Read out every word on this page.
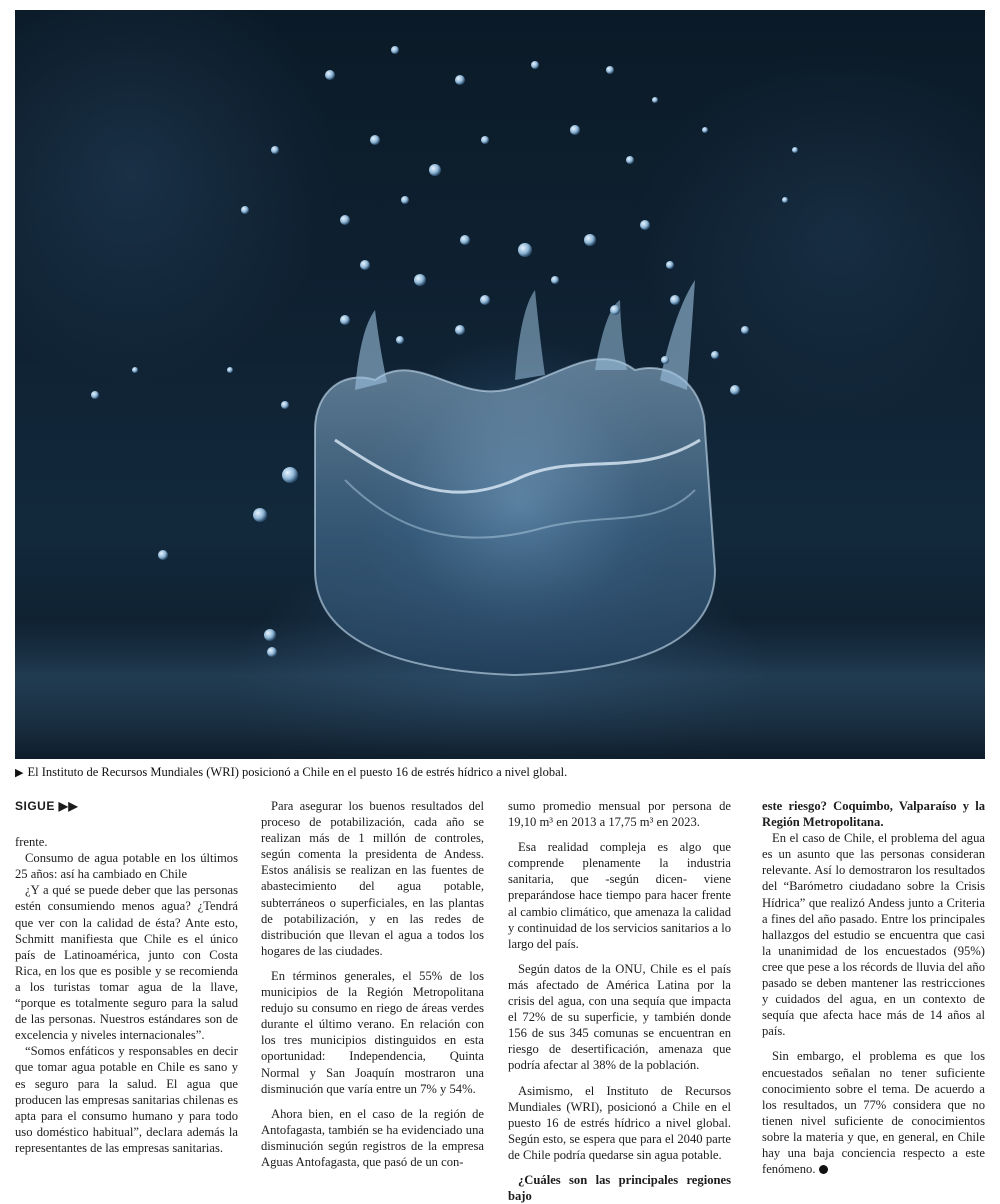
▶ El Instituto de Recursos Mundiales (WRI) posicionó a Chile en el puesto 16 de estrés hídrico a nivel global.
SIGUE ▶▶

frente.

Consumo de agua potable en los últimos 25 años: así ha cambiado en Chile

¿Y a qué se puede deber que las personas estén consumiendo menos agua? ¿Tendrá que ver con la calidad de ésta? Ante esto, Schmitt manifiesta que Chile es el único país de Latinoamérica, junto con Costa Rica, en los que es posible y se recomienda a los turistas tomar agua de la llave, “porque es totalmente seguro para la salud de las personas. Nuestros estándares son de excelencia y niveles internacionales”.

“Somos enfáticos y responsables en decir que tomar agua potable en Chile es sano y es seguro para la salud. El agua que producen las empresas sanitarias chilenas es apta para el consumo humano y para todo uso doméstico habitual”, declara además la representantes de las empresas sanitarias.

Para asegurar los buenos resultados del proceso de potabilización, cada año se realizan más de 1 millón de controles, según comenta la presidenta de Andess. Estos análisis se realizan en las fuentes de abastecimiento del agua potable, subterráneos o superficiales, en las plantas de potabilización, y en las redes de distribución que llevan el agua a todos los hogares de las ciudades.

En términos generales, el 55% de los municipios de la Región Metropolitana redujo su consumo en riego de áreas verdes durante el último verano. En relación con los tres municipios distinguidos en esta oportunidad: Independencia, Quinta Normal y San Joaquín mostraron una disminución que varía entre un 7% y 54%.

Ahora bien, en el caso de la región de Antofagasta, también se ha evidenciado una disminución según registros de la empresa Aguas Antofagasta, que pasó de un con-

sumo promedio mensual por persona de 19,10 m³ en 2013 a 17,75 m³ en 2023.

Esa realidad compleja es algo que comprende plenamente la industria sanitaria, que -según dicen- viene preparándose hace tiempo para hacer frente al cambio climático, que amenaza la calidad y continuidad de los servicios sanitarios a lo largo del país.

Según datos de la ONU, Chile es el país más afectado de América Latina por la crisis del agua, con una sequía que impacta el 72% de su superficie, y también donde 156 de sus 345 comunas se encuentran en riesgo de desertificación, amenaza que podría afectar al 38% de la población.

Asimismo, el Instituto de Recursos Mundiales (WRI), posicionó a Chile en el puesto 16 de estrés hídrico a nivel global. Según esto, se espera que para el 2040 parte de Chile podría quedarse sin agua potable.

¿Cuáles son las principales regiones bajo

este riesgo? Coquimbo, Valparaíso y la Región Metropolitana.

En el caso de Chile, el problema del agua es un asunto que las personas consideran relevante. Así lo demostraron los resultados del “Barómetro ciudadano sobre la Crisis Hídrica” que realizó Andess junto a Criteria a fines del año pasado. Entre los principales hallazgos del estudio se encuentra que casi la unanimidad de los encuestados (95%) cree que pese a los récords de lluvia del año pasado se deben mantener las restricciones y cuidados del agua, en un contexto de sequía que afecta hace más de 14 años al país.

Sin embargo, el problema es que los encuestados señalan no tener suficiente conocimiento sobre el tema. De acuerdo a los resultados, un 77% considera que no tienen nivel suficiente de conocimientos sobre la materia y que, en general, en Chile hay una baja conciencia respecto a este fenómeno.
